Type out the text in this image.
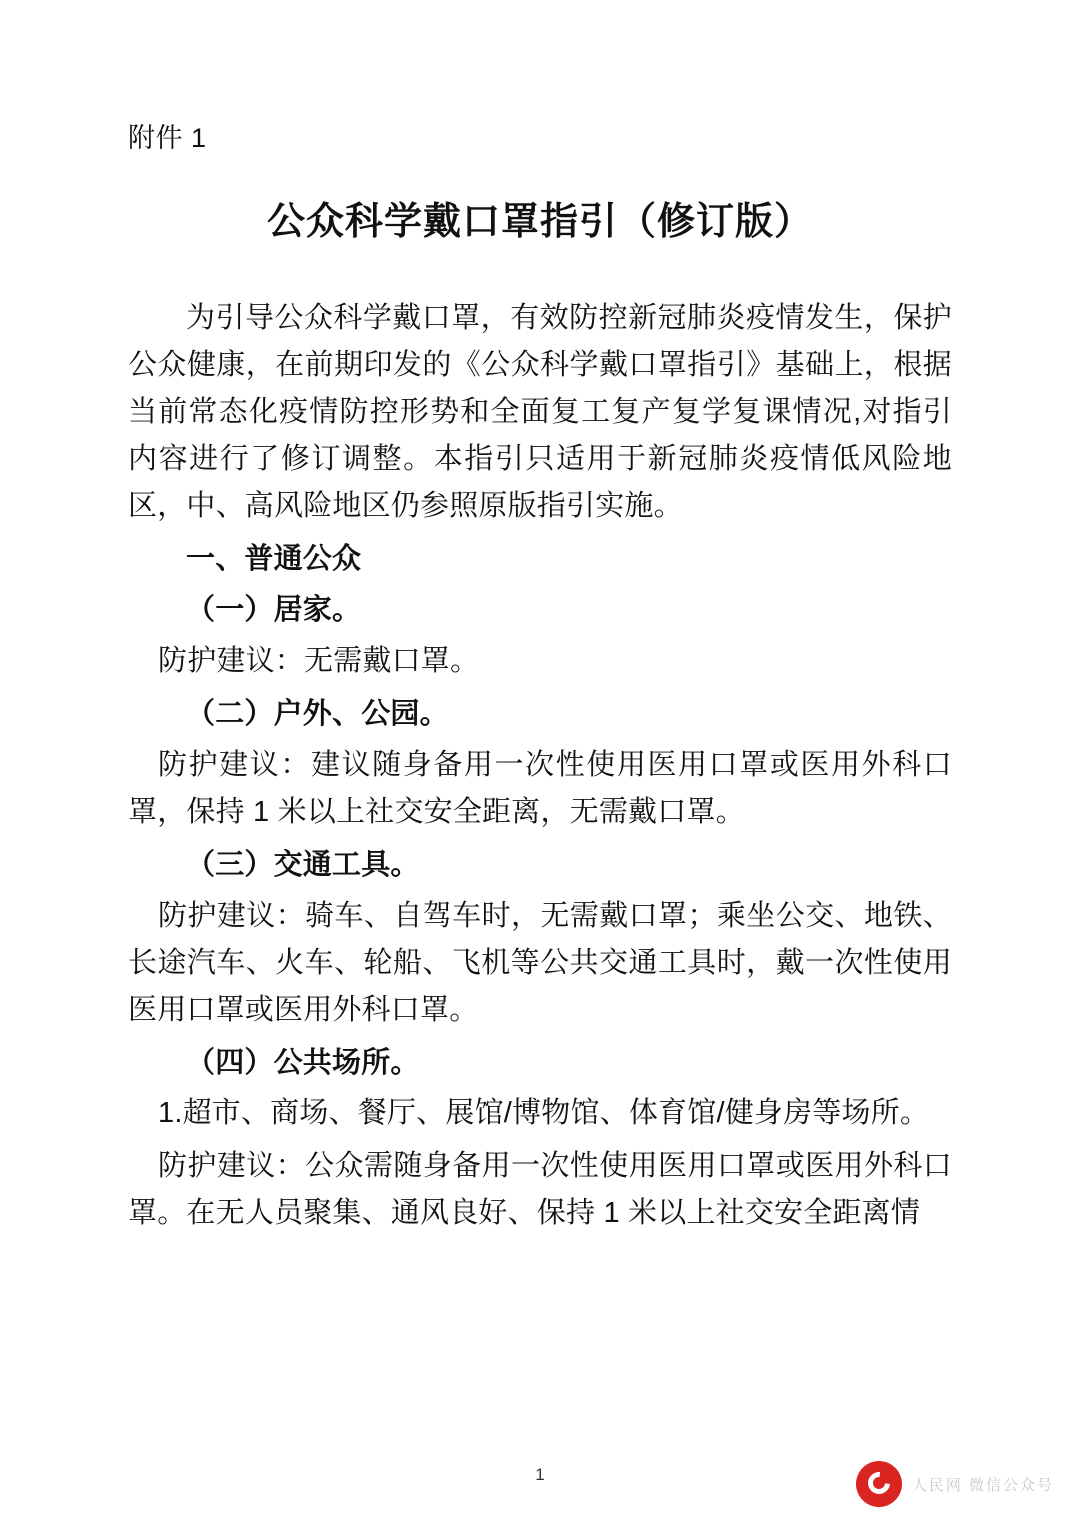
附件 1

公众科学戴口罩指引（修订版）

为引导公众科学戴口罩，有效防控新冠肺炎疫情发生，保护公众健康，在前期印发的《公众科学戴口罩指引》基础上，根据当前常态化疫情防控形势和全面复工复产复学复课情况,对指引内容进行了修订调整。本指引只适用于新冠肺炎疫情低风险地区，中、高风险地区仍参照原版指引实施。

一、普通公众

（一）居家。

防护建议：无需戴口罩。

（二）户外、公园。

防护建议：建议随身备用一次性使用医用口罩或医用外科口罩，保持 1 米以上社交安全距离，无需戴口罩。

（三）交通工具。

防护建议：骑车、自驾车时，无需戴口罩；乘坐公交、地铁、长途汽车、火车、轮船、飞机等公共交通工具时，戴一次性使用医用口罩或医用外科口罩。

（四）公共场所。

1.超市、商场、餐厅、展馆/博物馆、体育馆/健身房等场所。

防护建议：公众需随身备用一次性使用医用口罩或医用外科口罩。在无人员聚集、通风良好、保持 1 米以上社交安全距离情

1
人民网 微信公众号
